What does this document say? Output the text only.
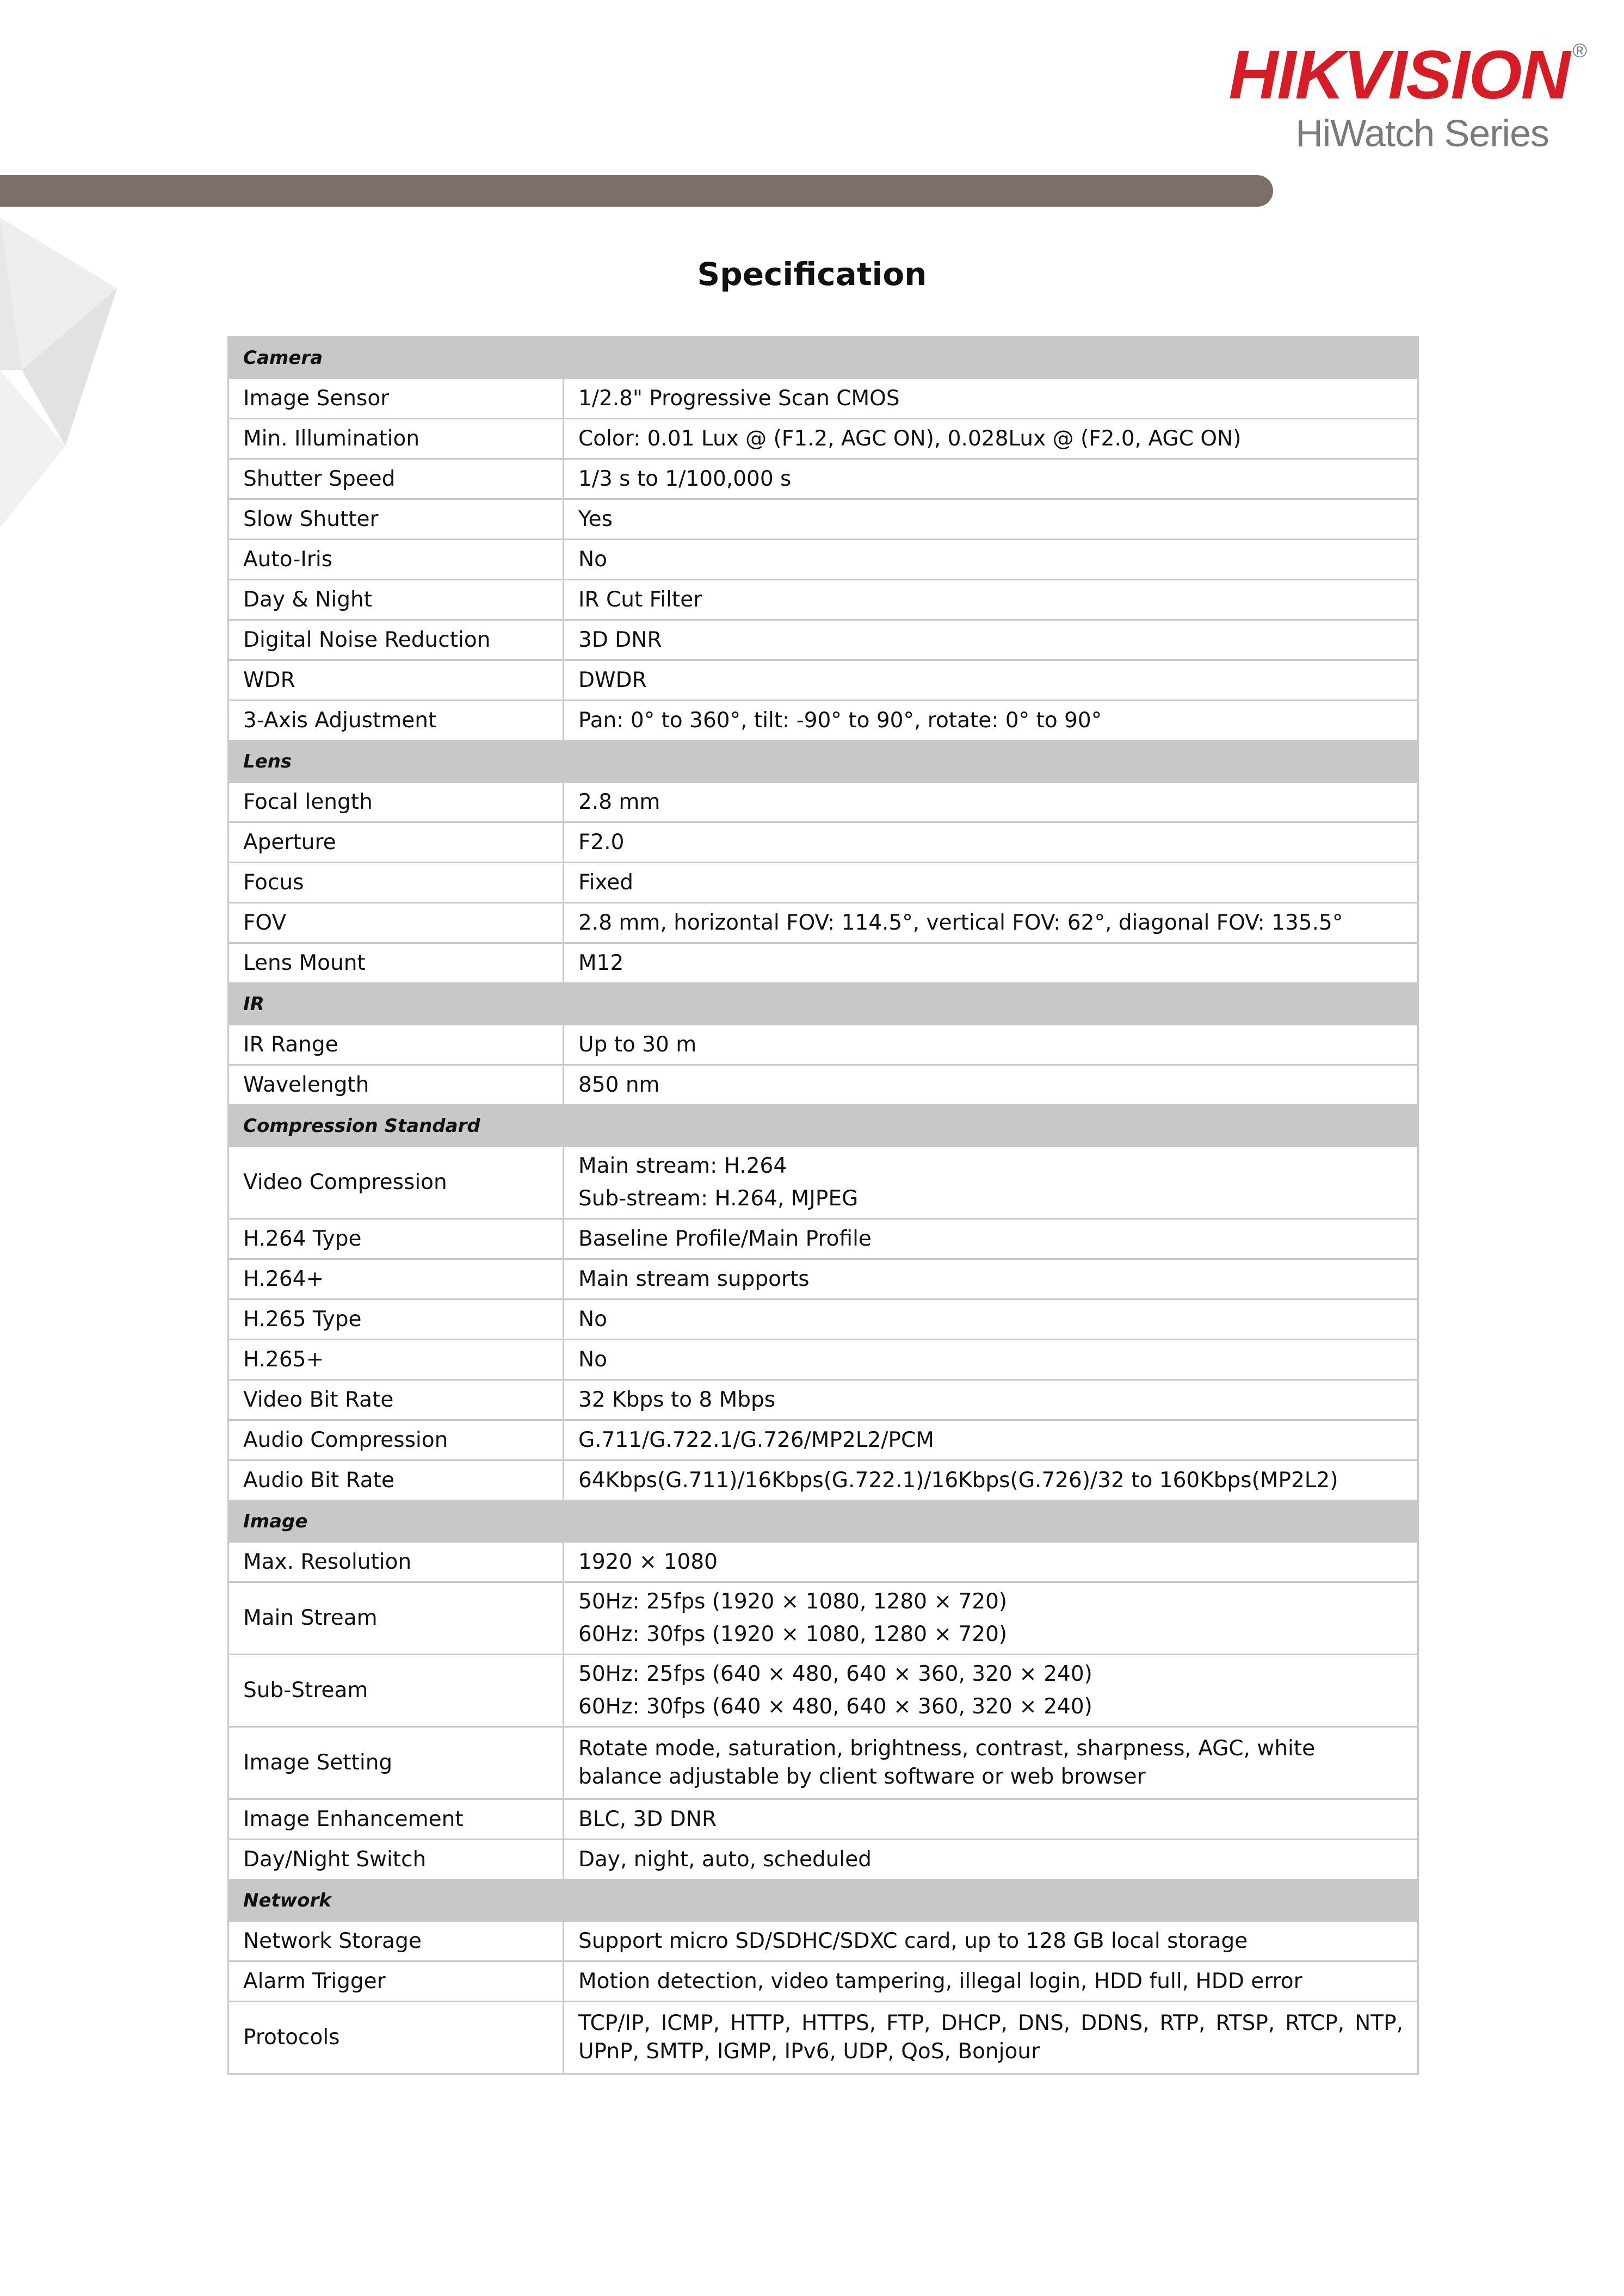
HIKVISION ®
HiWatch Series
Specification
Camera	
Image Sensor	1/2.8" Progressive Scan CMOS
Min. Illumination	Color: 0.01 Lux @ (F1.2, AGC ON), 0.028Lux @ (F2.0, AGC ON)
Shutter Speed	1/3 s to 1/100,000 s
Slow Shutter	Yes
Auto-Iris	No
Day & Night	IR Cut Filter
Digital Noise Reduction	3D DNR
WDR	DWDR
3-Axis Adjustment	Pan: 0° to 360°, tilt: -90° to 90°, rotate: 0° to 90°
Lens	
Focal length	2.8 mm
Aperture	F2.0
Focus	Fixed
FOV	2.8 mm, horizontal FOV: 114.5°, vertical FOV: 62°, diagonal FOV: 135.5°
Lens Mount	M12
IR	
IR Range	Up to 30 m
Wavelength	850 nm
Compression Standard	
Video Compression	Main stream: H.264
Sub-stream: H.264, MJPEG

H.264 Type	Baseline Profile/Main Profile
H.264+	Main stream supports
H.265 Type	No
H.265+	No
Video Bit Rate	32 Kbps to 8 Mbps
Audio Compression	G.711/G.722.1/G.726/MP2L2/PCM
Audio Bit Rate	64Kbps(G.711)/16Kbps(G.722.1)/16Kbps(G.726)/32 to 160Kbps(MP2L2)
Image	
Max. Resolution	1920 × 1080
Main Stream	50Hz: 25fps (1920 × 1080, 1280 × 720)
60Hz: 30fps (1920 × 1080, 1280 × 720)

Sub-Stream	50Hz: 25fps (640 × 480, 640 × 360, 320 × 240)
60Hz: 30fps (640 × 480, 640 × 360, 320 × 240)

Image Setting	Rotate mode, saturation, brightness, contrast, sharpness, AGC, white balance adjustable by client software or web browser
Image Enhancement	BLC, 3D DNR
Day/Night Switch	Day, night, auto, scheduled
Network	
Network Storage	Support micro SD/SDHC/SDXC card, up to 128 GB local storage
Alarm Trigger	Motion detection, video tampering, illegal login, HDD full, HDD error
Protocols	TCP/IP, ICMP, HTTP, HTTPS, FTP, DHCP, DNS, DDNS, RTP, RTSP, RTCP, NTP, UPnP, SMTP, IGMP, IPv6, UDP, QoS, Bonjour
